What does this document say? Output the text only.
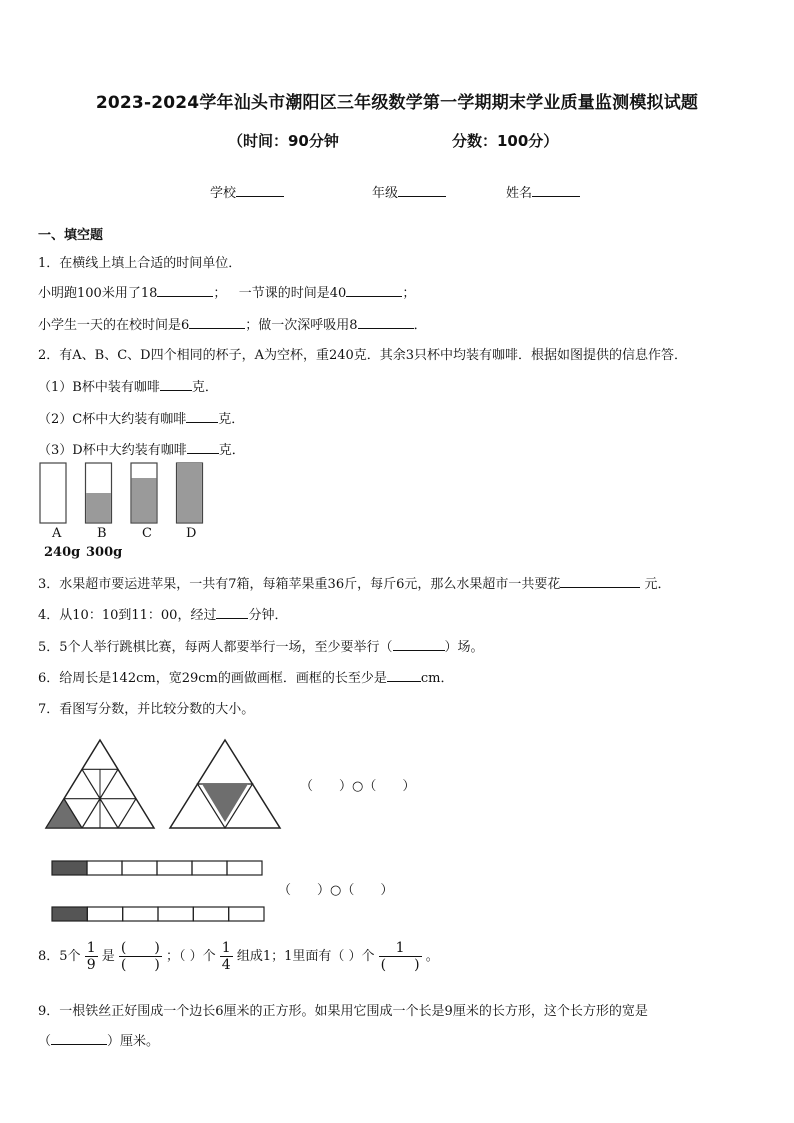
2023-2024学年汕头市潮阳区三年级数学第一学期期末学业质量监测模拟试题
（时间：90分钟	分数：100分）
学校	年级	姓名
一、填空题
1．在横线上填上合适的时间单位．
小明跑100米用了18	； 一节课的时间是40	；
小学生一天的在校时间是6	；做一次深呼吸用8	．
2．有A、B、C、D四个相同的杯子，A为空杯，重240克．其余3只杯中均装有咖啡．根据如图提供的信息作答．
（1）B杯中装有咖啡 克．
（2）C杯中大约装有咖啡 克．
（3）D杯中大约装有咖啡 克．
A	B	C	D
240g 300g
3．水果超市要运进苹果，一共有7箱，每箱苹果重36斤，每斤6元，那么水果超市一共要花	元．
4．从10：10到11：00，经过 分钟．
5．5个人举行跳棋比赛，每两人都要举行一场，至少要举行（	）场。
6．给周长是142cm，宽29cm的画做画框．画框的长至少是	cm．
7．看图写分数，并比较分数的大小。
（　　）○（　　）
（　　）○（　　）
8．5个 $\frac{1}{9}$ 是 $\frac{( )}{( )}$ ；（ ）个 $\frac{1}{4}$ 组成1；1里面有（ ）个 $\frac{1}{( )}$ 。
9．一根铁丝正好围成一个边长6厘米的正方形。如果用它围成一个长是9厘米的长方形，这个长方形的宽是
（	）厘米。
